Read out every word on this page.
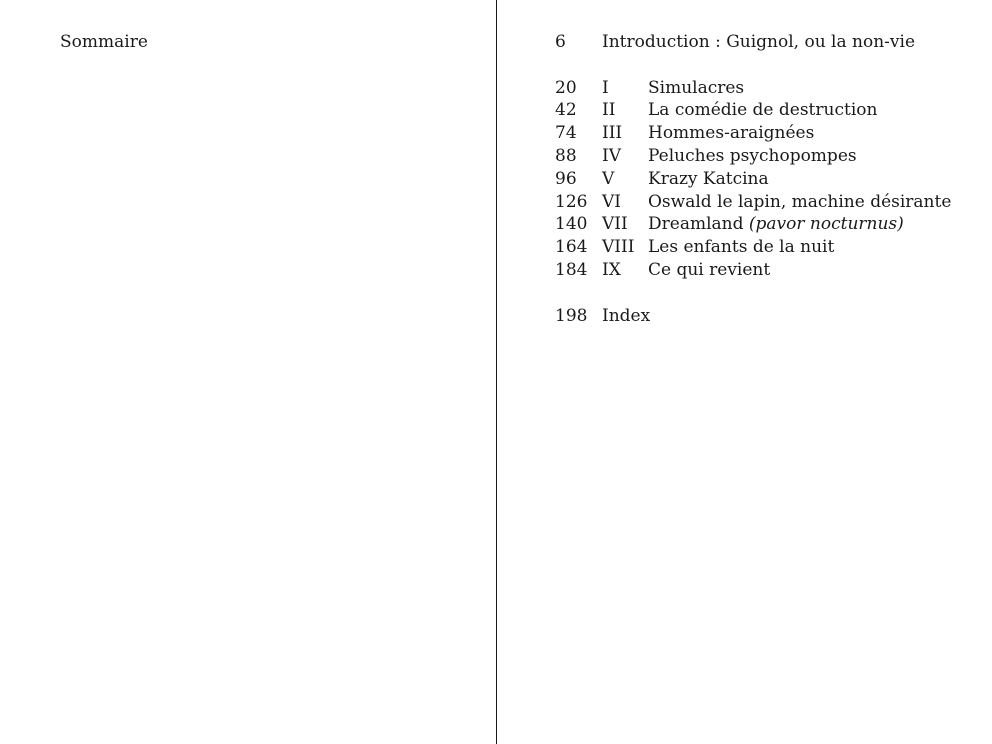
Sommaire	6 Introduction : Guignol, ou la non-vie
20 I Simulacres
42 II La comédie de destruction
74 III Hommes-araignées
88 IV Peluches psychopompes
96 V Krazy Katcina
126 VI Oswald le lapin, machine désirante
140 VII Dreamland (pavor nocturnus)
164 VIII Les enfants de la nuit
184 IX Ce qui revient
198 Index
